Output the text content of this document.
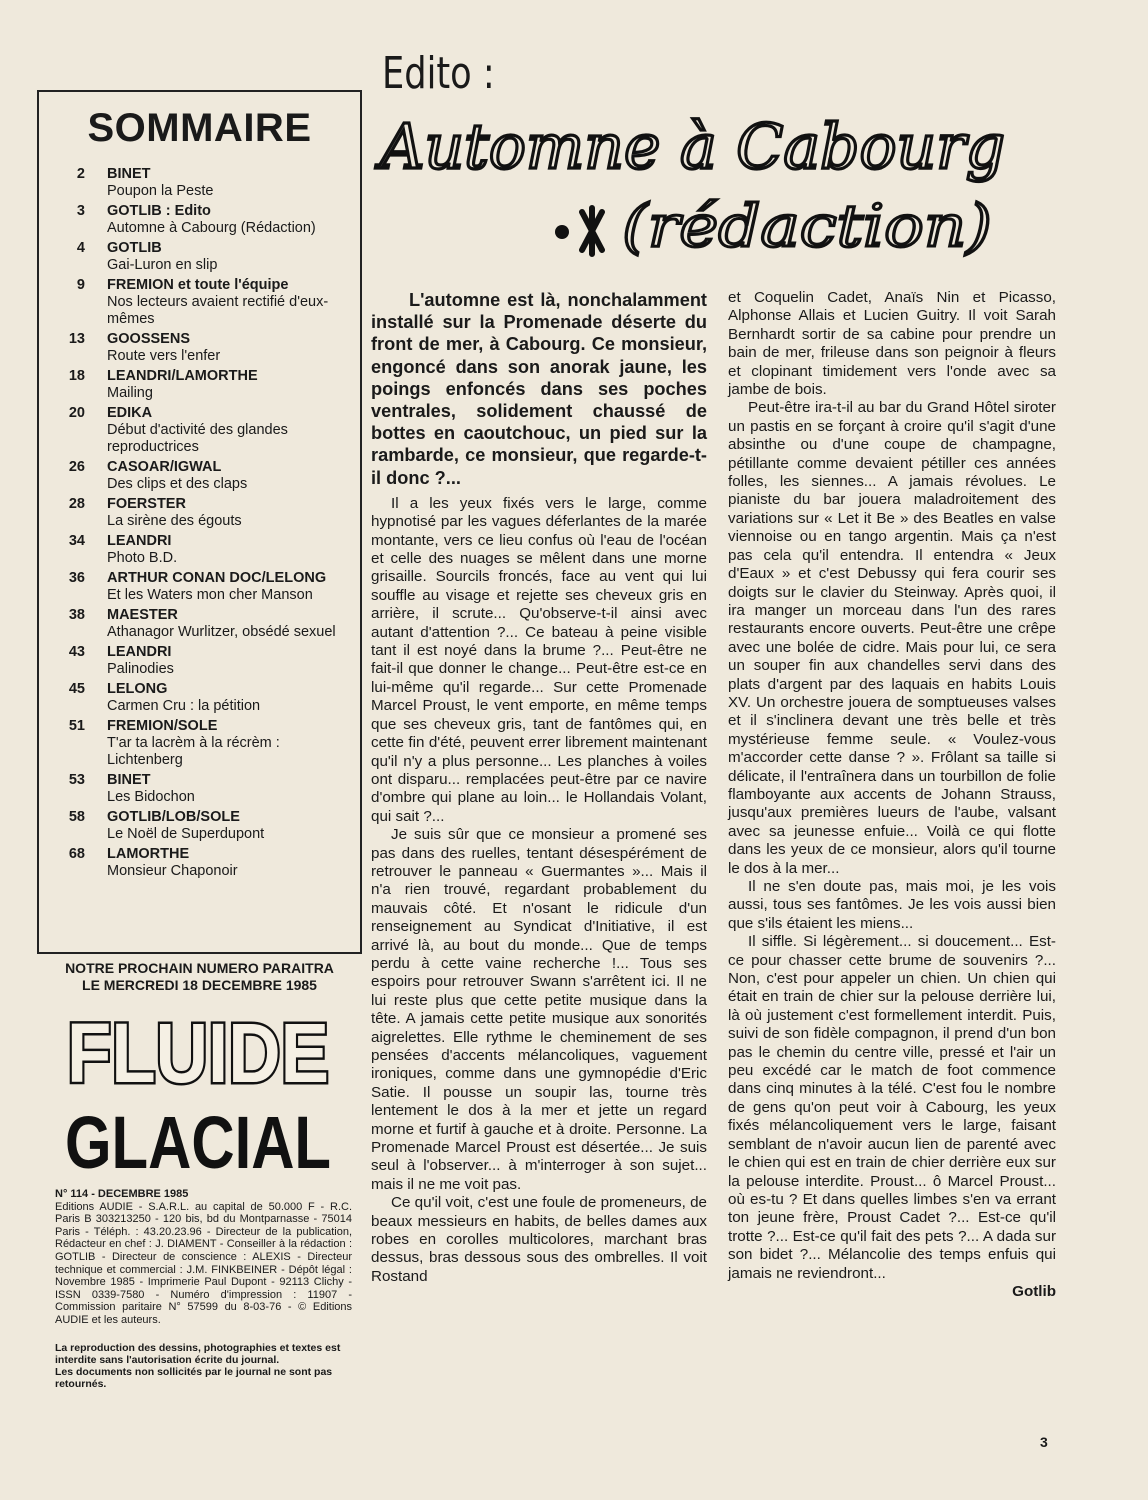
SOMMAIRE
2	BINET
Poupon la Peste
3	GOTLIB : Edito
Automne à Cabourg (Rédaction)
4	GOTLIB
Gai-Luron en slip
9	FREMION et toute l'équipe
Nos lecteurs avaient rectifié d'eux-mêmes
13	GOOSSENS
Route vers l'enfer
18	LEANDRI/LAMORTHE
Mailing
20	EDIKA
Début d'activité des glandes reproductrices
26	CASOAR/IGWAL
Des clips et des claps
28	FOERSTER
La sirène des égouts
34	LEANDRI
Photo B.D.
36	ARTHUR CONAN DOC/LELONG
Et les Waters mon cher Manson
38	MAESTER
Athanagor Wurlitzer, obsédé sexuel
43	LEANDRI
Palinodies
45	LELONG
Carmen Cru : la pétition
51	FREMION/SOLE
T'ar ta lacrèm à la récrèm : Lichtenberg
53	BINET
Les Bidochon
58	GOTLIB/LOB/SOLE
Le Noël de Superdupont
68	LAMORTHE
Monsieur Chaponoir
NOTRE PROCHAIN NUMERO PARAITRA
LE MERCREDI 18 DECEMBRE 1985
FLUIDE
GLACIAL
N° 114 - DECEMBRE 1985
Editions AUDIE - S.A.R.L. au capital de 50.000 F - R.C. Paris B 303213250 - 120 bis, bd du Montparnasse - 75014 Paris - Téléph. : 43.20.23.96 - Directeur de la publication, Rédacteur en chef : J. DIAMENT - Conseiller à la rédaction : GOTLIB - Directeur de conscience : ALEXIS - Directeur technique et commercial : J.M. FINKBEINER - Dépôt légal : Novembre 1985 - Imprimerie Paul Dupont - 92113 Clichy - ISSN 0339-7580 - Numéro d'impression : 11907 - Commission paritaire N° 57599 du 8-03-76 - © Editions AUDIE et les auteurs.
La reproduction des dessins, photographies et textes est interdite sans l'autorisation écrite du journal.
Les documents non sollicités par le journal ne sont pas retournés.
Edito :
Automne à Cabourg
(rédaction)

L'automne est là, nonchalamment installé sur la Promenade déserte du front de mer, à Cabourg. Ce monsieur, engoncé dans son anorak jaune, les poings enfoncés dans ses poches ventrales, solidement chaussé de bottes en caoutchouc, un pied sur la rambarde, ce monsieur, que regarde-t-il donc ?...

Il a les yeux fixés vers le large, comme hypnotisé par les vagues déferlantes de la marée montante, vers ce lieu confus où l'eau de l'océan et celle des nuages se mêlent dans une morne grisaille. Sourcils froncés, face au vent qui lui souffle au visage et rejette ses cheveux gris en arrière, il scrute... Qu'observe-t-il ainsi avec autant d'attention ?... Ce bateau à peine visible tant il est noyé dans la brume ?... Peut-être ne fait-il que donner le change... Peut-être est-ce en lui-même qu'il regarde... Sur cette Promenade Marcel Proust, le vent emporte, en même temps que ses cheveux gris, tant de fantômes qui, en cette fin d'été, peuvent errer librement maintenant qu'il n'y a plus personne... Les planches à voiles ont disparu... remplacées peut-être par ce navire d'ombre qui plane au loin... le Hollandais Volant, qui sait ?...

Je suis sûr que ce monsieur a promené ses pas dans des ruelles, tentant désespérément de retrouver le panneau « Guermantes »... Mais il n'a rien trouvé, regardant probablement du mauvais côté. Et n'osant le ridicule d'un renseignement au Syndicat d'Initiative, il est arrivé là, au bout du monde... Que de temps perdu à cette vaine recherche !... Tous ses espoirs pour retrouver Swann s'arrêtent ici. Il ne lui reste plus que cette petite musique dans la tête. A jamais cette petite musique aux sonorités aigrelettes. Elle rythme le cheminement de ses pensées d'accents mélancoliques, vaguement ironiques, comme dans une gymnopédie d'Eric Satie. Il pousse un soupir las, tourne très lentement le dos à la mer et jette un regard morne et furtif à gauche et à droite. Personne. La Promenade Marcel Proust est désertée... Je suis seul à l'observer... à m'interroger à son sujet... mais il ne me voit pas.

Ce qu'il voit, c'est une foule de promeneurs, de beaux messieurs en habits, de belles dames aux robes en corolles multicolores, marchant bras dessus, bras dessous sous des ombrelles. Il voit Rostand

et Coquelin Cadet, Anaïs Nin et Picasso, Alphonse Allais et Lucien Guitry. Il voit Sarah Bernhardt sortir de sa cabine pour prendre un bain de mer, frileuse dans son peignoir à fleurs et clopinant timidement vers l'onde avec sa jambe de bois.

Peut-être ira-t-il au bar du Grand Hôtel siroter un pastis en se forçant à croire qu'il s'agit d'une absinthe ou d'une coupe de champagne, pétillante comme devaient pétiller ces années folles, les siennes... A jamais révolues. Le pianiste du bar jouera maladroitement des variations sur « Let it Be » des Beatles en valse viennoise ou en tango argentin. Mais ça n'est pas cela qu'il entendra. Il entendra « Jeux d'Eaux » et c'est Debussy qui fera courir ses doigts sur le clavier du Steinway. Après quoi, il ira manger un morceau dans l'un des rares restaurants encore ouverts. Peut-être une crêpe avec une bolée de cidre. Mais pour lui, ce sera un souper fin aux chandelles servi dans des plats d'argent par des laquais en habits Louis XV. Un orchestre jouera de somptueuses valses et il s'inclinera devant une très belle et très mystérieuse femme seule. « Voulez-vous m'accorder cette danse ? ». Frôlant sa taille si délicate, il l'entraînera dans un tourbillon de folie flamboyante aux accents de Johann Strauss, jusqu'aux premières lueurs de l'aube, valsant avec sa jeunesse enfuie... Voilà ce qui flotte dans les yeux de ce monsieur, alors qu'il tourne le dos à la mer...

Il ne s'en doute pas, mais moi, je les vois aussi, tous ses fantômes. Je les vois aussi bien que s'ils étaient les miens...

Il siffle. Si légèrement... si doucement... Est-ce pour chasser cette brume de souvenirs ?... Non, c'est pour appeler un chien. Un chien qui était en train de chier sur la pelouse derrière lui, là où justement c'est formellement interdit. Puis, suivi de son fidèle compagnon, il prend d'un bon pas le chemin du centre ville, pressé et l'air un peu excédé car le match de foot commence dans cinq minutes à la télé. C'est fou le nombre de gens qu'on peut voir à Cabourg, les yeux fixés mélancoliquement vers le large, faisant semblant de n'avoir aucun lien de parenté avec le chien qui est en train de chier derrière eux sur la pelouse interdite. Proust... ô Marcel Proust... où es-tu ? Et dans quelles limbes s'en va errant ton jeune frère, Proust Cadet ?... Est-ce qu'il trotte ?... Est-ce qu'il fait des pets ?... A dada sur son bidet ?... Mélancolie des temps enfuis qui jamais ne reviendront...

Gotlib

3
